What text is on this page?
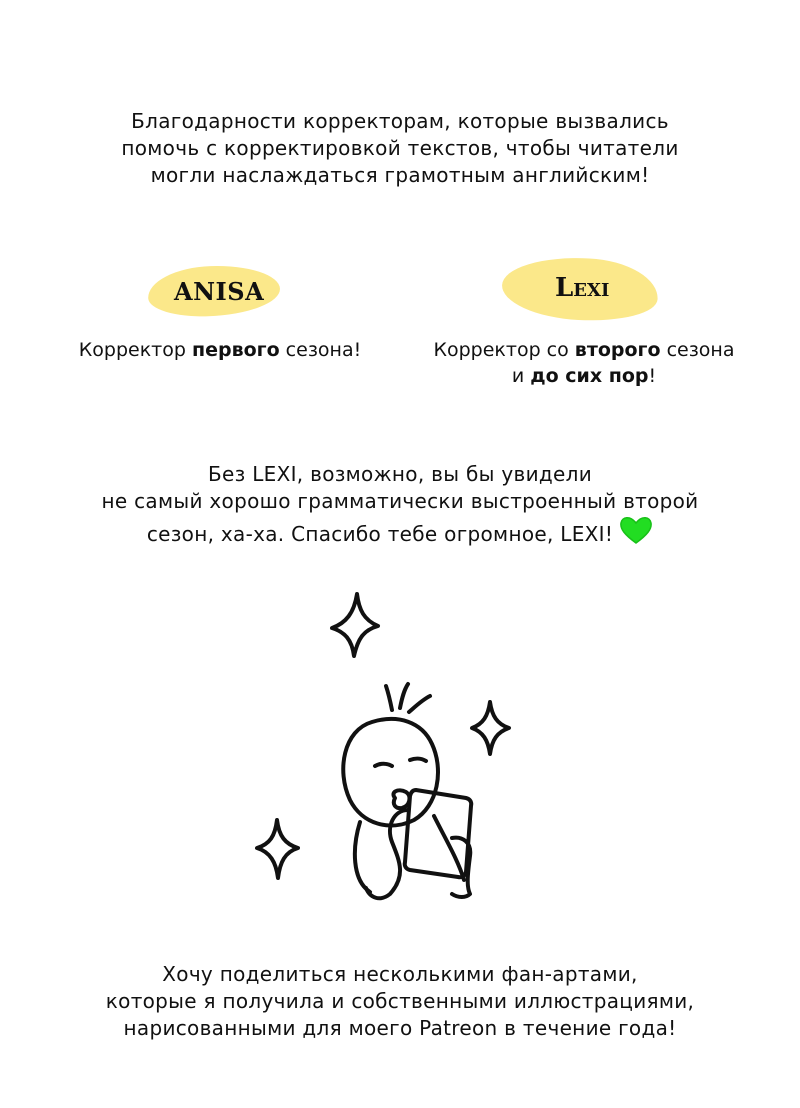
Благодарности корректорам, которые вызвались
помочь с корректировкой текстов, чтобы читатели
могли наслаждаться грамотным английским!
ANISA
Корректор первого сезона!
Lexi
Корректор со второго сезона
и до сих пор!
Без LEXI, возможно, вы бы увидели
не самый хорошо грамматически выстроенный второй
сезон, ха-ха. Спасибо тебе огромное, LEXI!
Хочу поделиться несколькими фан-артами,
которые я получила и собственными иллюстрациями,
нарисованными для моего Patreon в течение года!
